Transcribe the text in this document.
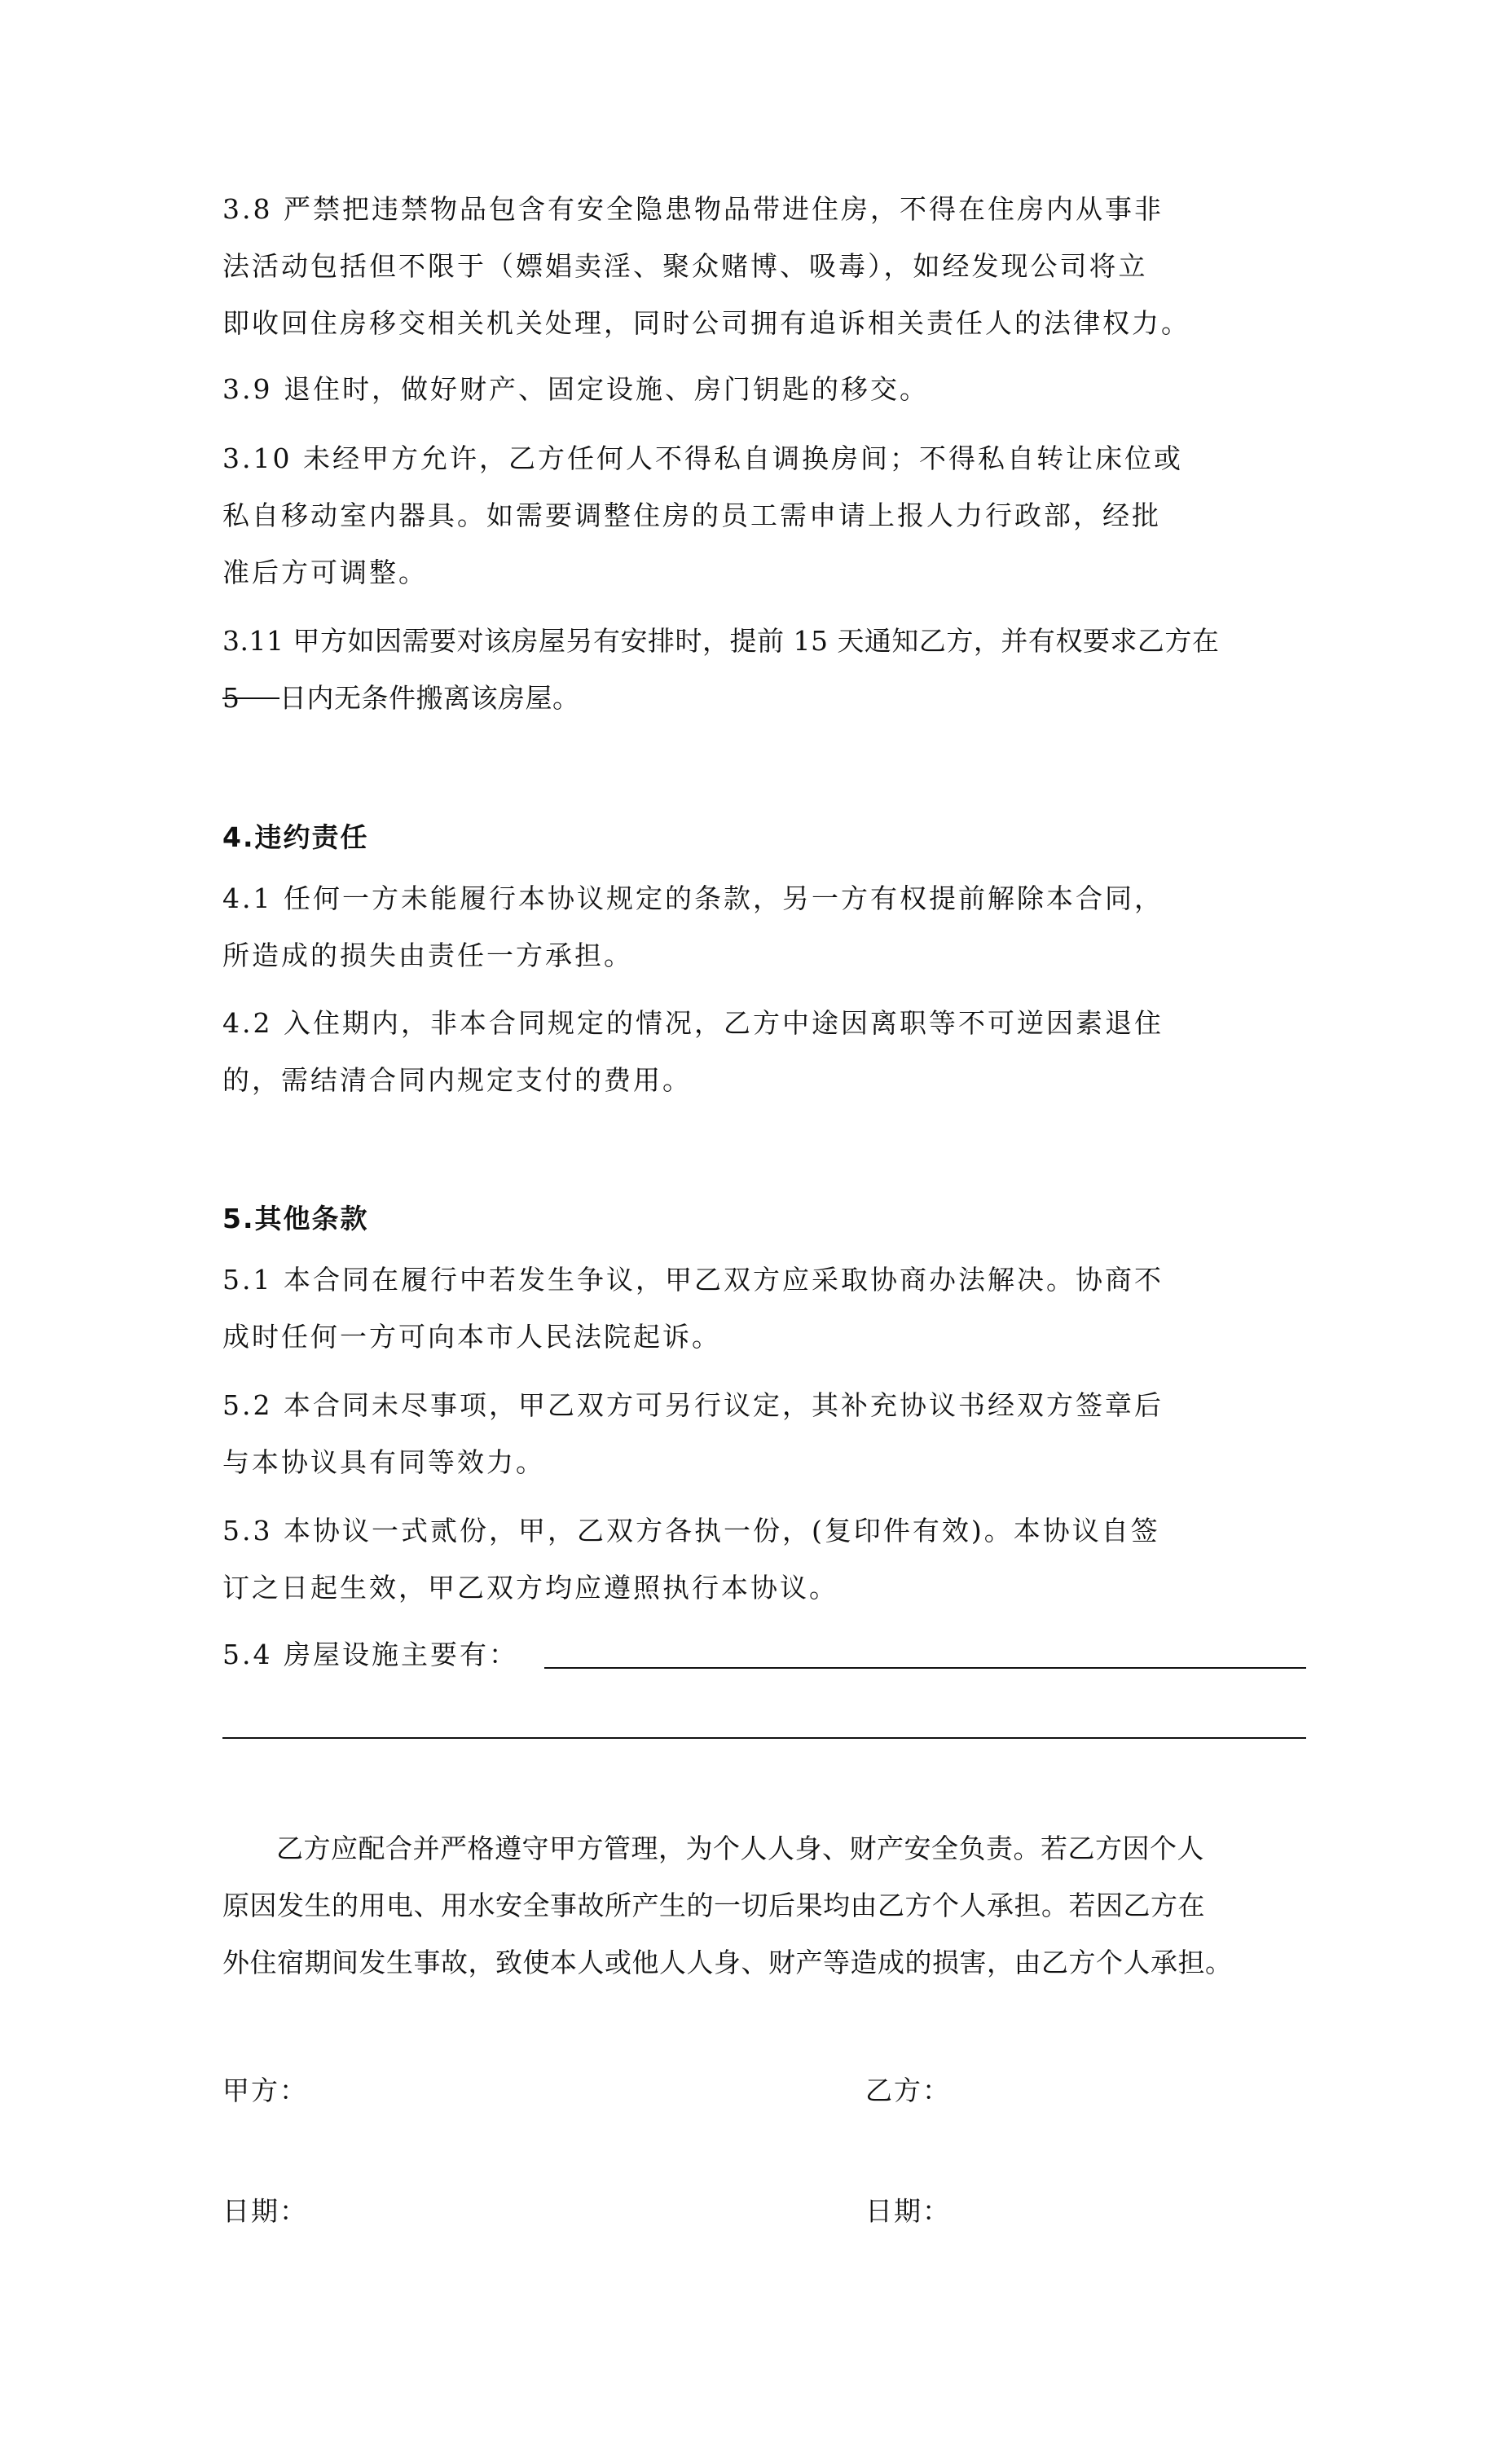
3.8 严禁把违禁物品包含有安全隐患物品带进住房，不得在住房内从事非
法活动包括但不限于（嫖娼卖淫、聚众赌博、吸毒），如经发现公司将立
即收回住房移交相关机关处理，同时公司拥有追诉相关责任人的法律权力。
3.9 退住时，做好财产、固定设施、房门钥匙的移交。
3.10 未经甲方允许，乙方任何人不得私自调换房间；不得私自转让床位或
私自移动室内器具。如需要调整住房的员工需申请上报人力行政部，经批
准后方可调整。
3.11 甲方如因需要对该房屋另有安排时，提前 15 天通知乙方，并有权要求乙方在
5 日内无条件搬离该房屋。
4.违约责任
4.1 任何一方未能履行本协议规定的条款，另一方有权提前解除本合同，
所造成的损失由责任一方承担。
4.2 入住期内，非本合同规定的情况，乙方中途因离职等不可逆因素退住
的，需结清合同内规定支付的费用。
5.其他条款
5.1 本合同在履行中若发生争议，甲乙双方应采取协商办法解决。协商不
成时任何一方可向本市人民法院起诉。
5.2 本合同未尽事项，甲乙双方可另行议定，其补充协议书经双方签章后
与本协议具有同等效力。
5.3 本协议一式贰份，甲，乙双方各执一份，(复印件有效)。本协议自签
订之日起生效，甲乙双方均应遵照执行本协议。
5.4 房屋设施主要有：
乙方应配合并严格遵守甲方管理，为个人人身、财产安全负责。若乙方因个人
原因发生的用电、用水安全事故所产生的一切后果均由乙方个人承担。若因乙方在
外住宿期间发生事故，致使本人或他人人身、财产等造成的损害，由乙方个人承担。
甲方：	乙方：
日期：	日期：
